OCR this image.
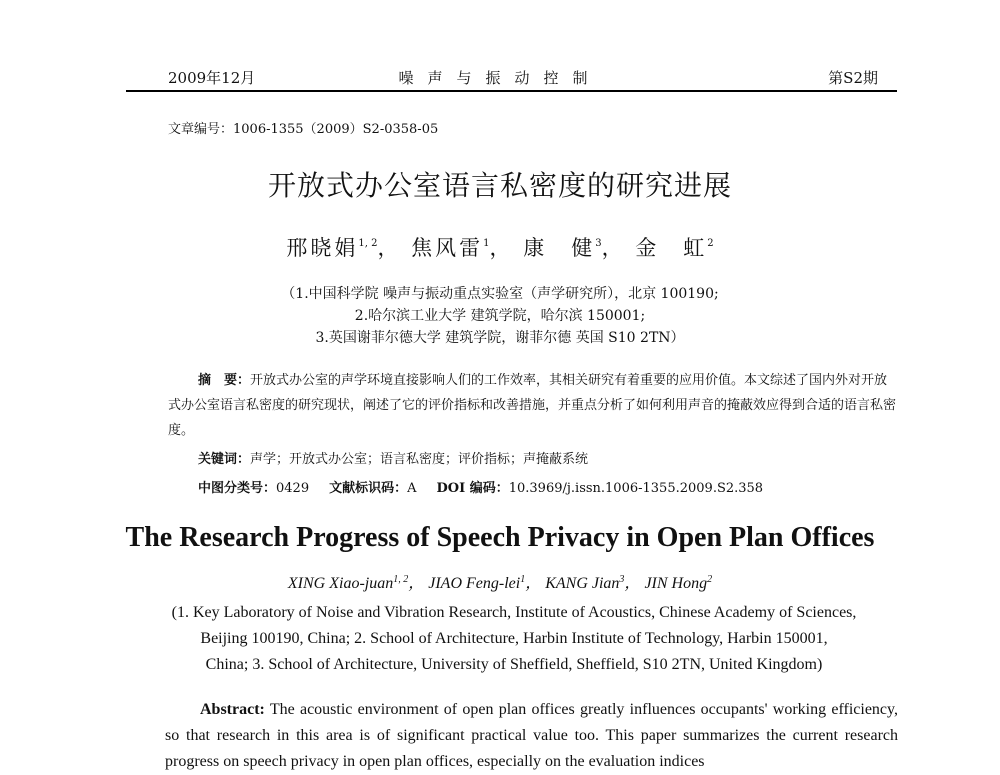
2009年12月	噪声与振动控制	第S2期
文章编号：1006-1355（2009）S2-0358-05
开放式办公室语言私密度的研究进展
邢晓娟$^{1, 2}$， 焦风雷$^1$， 康　健$^3$， 金　虹$^2$
（1.中国科学院 噪声与振动重点实验室（声学研究所），北京 100190;
2.哈尔滨工业大学 建筑学院，哈尔滨 150001;
3.英国谢菲尔德大学 建筑学院，谢菲尔德 英国 S10 2TN）
摘　要：开放式办公室的声学环境直接影响人们的工作效率，其相关研究有着重要的应用价值。本文综述了国内外对开放式办公室语言私密度的研究现状，阐述了它的评价指标和改善措施，并重点分析了如何利用声音的掩蔽效应得到合适的语言私密度。
关键词：声学；开放式办公室；语言私密度；评价指标；声掩蔽系统
中图分类号：0429 文献标识码：A DOI 编码：10.3969/j.issn.1006-1355.2009.S2.358
The Research Progress of Speech Privacy in Open Plan Offices
XING Xiao-juan$^{1, 2}$， JIAO Feng-lei$^1$， KANG Jian$^3$， JIN Hong$^2$
(1. Key Laboratory of Noise and Vibration Research, Institute of Acoustics, Chinese Academy of Sciences,
Beijing 100190, China; 2. School of Architecture, Harbin Institute of Technology, Harbin 150001,
China; 3. School of Architecture, University of Sheffield, Sheffield, S10 2TN, United Kingdom)
Abstract: The acoustic environment of open plan offices greatly influences occupants' working efficiency, so that research in this area is of significant practical value too. This paper summarizes the current research progress on speech privacy in open plan offices, especially on the evaluation indices
